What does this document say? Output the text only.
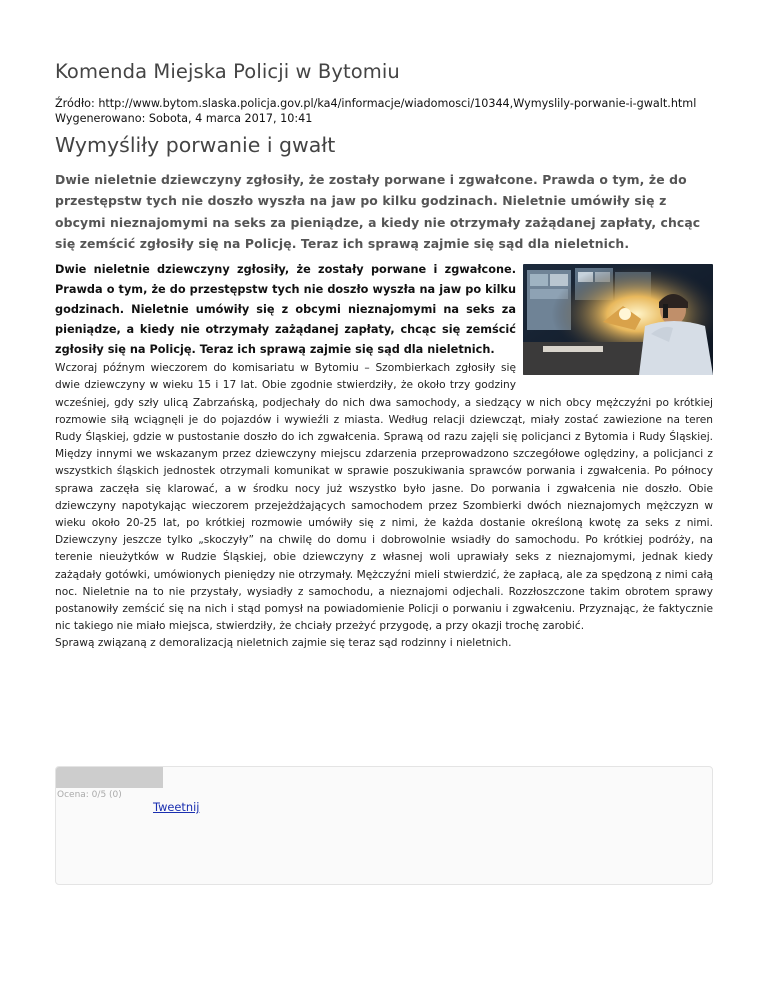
Komenda Miejska Policji w Bytomiu
Źródło: http://www.bytom.slaska.policja.gov.pl/ka4/informacje/wiadomosci/10344,Wymyslily-porwanie-i-gwalt.html
Wygenerowano: Sobota, 4 marca 2017, 10:41
Wymyśliły porwanie i gwałt
Dwie nieletnie dziewczyny zgłosiły, że zostały porwane i zgwałcone. Prawda o tym, że do przestępstw tych nie doszło wyszła na jaw po kilku godzinach. Nieletnie umówiły się z obcymi nieznajomymi na seks za pieniądze, a kiedy nie otrzymały zażądanej zapłaty, chcąc się zemścić zgłosiły się na Policję. Teraz ich sprawą zajmie się sąd dla nieletnich.
Dwie nieletnie dziewczyny zgłosiły, że zostały porwane i zgwałcone. Prawda o tym, że do przestępstw tych nie doszło wyszła na jaw po kilku godzinach. Nieletnie umówiły się z obcymi nieznajomymi na seks za pieniądze, a kiedy nie otrzymały zażądanej zapłaty, chcąc się zemścić zgłosiły się na Policję. Teraz ich sprawą zajmie się sąd dla nieletnich.
Wczoraj późnym wieczorem do komisariatu w Bytomiu – Szombierkach zgłosiły się dwie dziewczyny w wieku 15 i 17 lat. Obie zgodnie stwierdziły, że około trzy godziny wcześniej, gdy szły ulicą Zabrzańską, podjechały do nich dwa samochody, a siedzący w nich obcy mężczyźni po krótkiej rozmowie siłą wciągnęli je do pojazdów i wywieźli z miasta. Według relacji dziewcząt, miały zostać zawiezione na teren Rudy Śląskiej, gdzie w pustostanie doszło do ich zgwałcenia. Sprawą od razu zajęli się policjanci z Bytomia i Rudy Śląskiej. Między innymi we wskazanym przez dziewczyny miejscu zdarzenia przeprowadzono szczegółowe oględziny, a policjanci z wszystkich śląskich jednostek otrzymali komunikat w sprawie poszukiwania sprawców porwania i zgwałcenia. Po północy sprawa zaczęła się klarować, a w środku nocy już wszystko było jasne. Do porwania i zgwałcenia nie doszło. Obie dziewczyny napotykając wieczorem przejeżdżających samochodem przez Szombierki dwóch nieznajomych mężczyzn w wieku około 20-25 lat, po krótkiej rozmowie umówiły się z nimi, że każda dostanie określoną kwotę za seks z nimi. Dziewczyny jeszcze tylko „skoczyły” na chwilę do domu i dobrowolnie wsiadły do samochodu. Po krótkiej podróży, na terenie nieużytków w Rudzie Śląskiej, obie dziewczyny z własnej woli uprawiały seks z nieznajomymi, jednak kiedy zażądały gotówki, umówionych pieniędzy nie otrzymały. Mężczyźni mieli stwierdzić, że zapłacą, ale za spędzoną z nimi całą noc. Nieletnie na to nie przystały, wysiadły z samochodu, a nieznajomi odjechali. Rozzłoszczone takim obrotem sprawy postanowiły zemścić się na nich i stąd pomysł na powiadomienie Policji o porwaniu i zgwałceniu. Przyznając, że faktycznie nic takiego nie miało miejsca, stwierdziły, że chciały przeżyć przygodę, a przy okazji trochę zarobić.
Sprawą związaną z demoralizacją nieletnich zajmie się teraz sąd rodzinny i nieletnich.
Ocena: 0/5 (0)
Tweetnij
